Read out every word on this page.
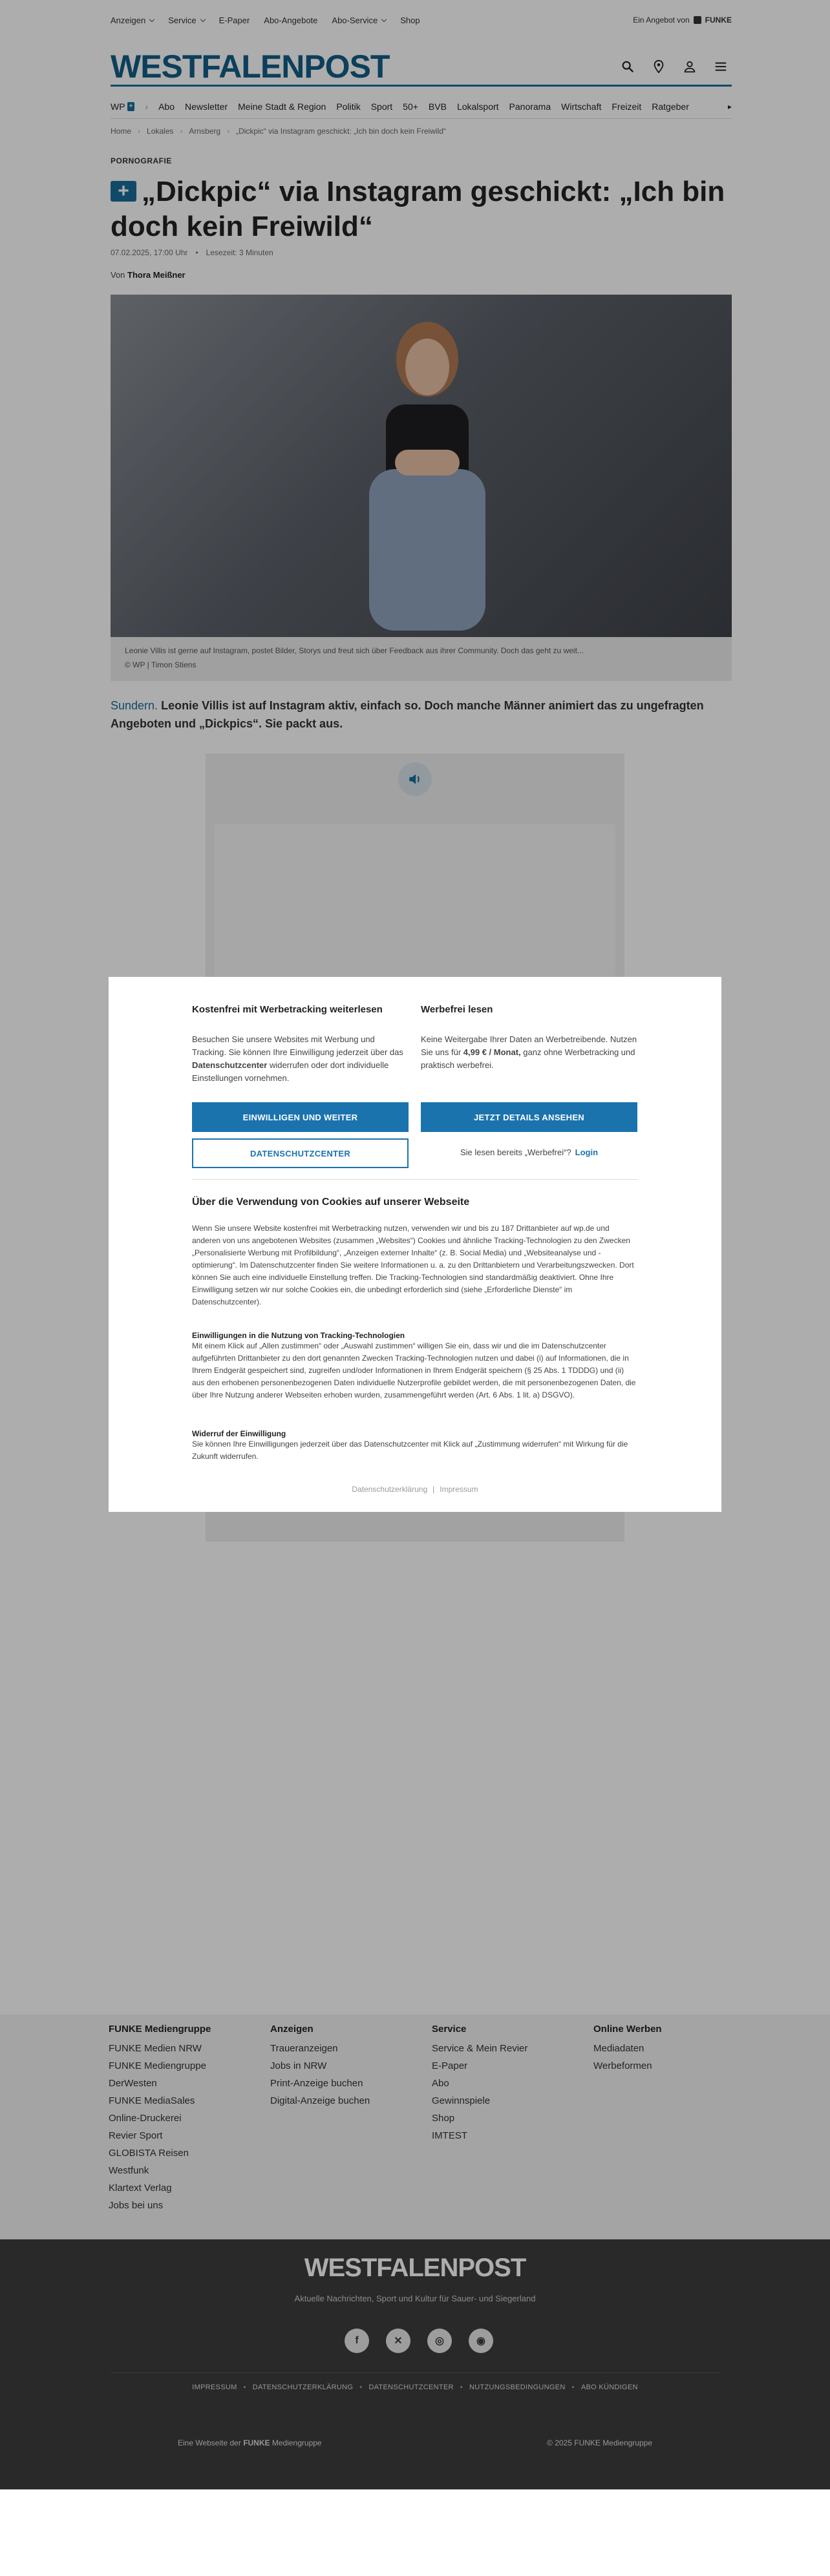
Anzeigen	Service	E-Paper Abo-Angebote Abo-Service	Shop	Ein Angebot von FUNKE
WESTFALENPOST
WP + › Abo Newsletter Meine Stadt & Region Politik Sport 50+ BVB Lokalsport Panorama Wirtschaft Freizeit Ratgeber	▸
Home › Lokales › Arnsberg › „Dickpic“ via Instagram geschickt: „Ich bin doch kein Freiwild“
PORNOGRAFIE
+ „Dickpic“ via Instagram geschickt: „Ich bin doch kein Freiwild“
07.02.2025, 17:00 Uhr • Lesezeit: 3 Minuten
Von Thora Meißner
Leonie Villis ist gerne auf Instagram, postet Bilder, Storys und freut sich über Feedback aus ihrer Community. Doch das geht zu weit...
© WP | Timon Stiens
Sundern. Leonie Villis ist auf Instagram aktiv, einfach so. Doch manche Männer animiert das zu ungefragten Angeboten und „Dickpics“. Sie packt aus.
FUNKE Mediengruppe
FUNKE Medien NRW
FUNKE Mediengruppe
DerWesten
FUNKE MediaSales
Online-Druckerei
Revier Sport
GLOBISTA Reisen
Westfunk
Klartext Verlag
Jobs bei uns
Anzeigen
Traueranzeigen
Jobs in NRW
Print-Anzeige buchen
Digital-Anzeige buchen
Service
Service & Mein Revier
E-Paper
Abo
Gewinnspiele
Shop
IMTEST
Online Werben
Mediadaten
Werbeformen
WESTFALENPOST
Aktuelle Nachrichten, Sport und Kultur für Sauer- und Siegerland
f	✕	◎	◉
IMPRESSUM • DATENSCHUTZERKLÄRUNG • DATENSCHUTZCENTER • NUTZUNGSBEDINGUNGEN • ABO KÜNDIGEN
Eine Webseite der FUNKE Mediengruppe	© 2025 FUNKE Mediengruppe
Kostenfrei mit Werbetracking weiterlesen

Besuchen Sie unsere Websites mit Werbung und Tracking. Sie können Ihre Einwilligung jederzeit über das Datenschutzcenter widerrufen oder dort individuelle Einstellungen vornehmen.

Werbefrei lesen

Keine Weitergabe Ihrer Daten an Werbetreibende. Nutzen Sie uns für 4,99 € / Monat, ganz ohne Werbetracking und praktisch werbefrei.

EINWILLIGEN UND WEITER	JETZT DETAILS ANSEHEN
DATENSCHUTZCENTER	Sie lesen bereits „Werbefrei“? Login
Über die Verwendung von Cookies auf unserer Webseite

Wenn Sie unsere Website kostenfrei mit Werbetracking nutzen, verwenden wir und bis zu 187 Drittanbieter auf wp.de und anderen von uns angebotenen Websites (zusammen „Websites“) Cookies und ähnliche Tracking-Technologien zu den Zwecken „Personalisierte Werbung mit Profilbildung“, „Anzeigen externer Inhalte“ (z. B. Social Media) und „Websiteanalyse und -optimierung“. Im Datenschutzcenter finden Sie weitere Informationen u. a. zu den Drittanbietern und Verarbeitungszwecken. Dort können Sie auch eine individuelle Einstellung treffen. Die Tracking-Technologien sind standardmäßig deaktiviert. Ohne Ihre Einwilligung setzen wir nur solche Cookies ein, die unbedingt erforderlich sind (siehe „Erforderliche Dienste“ im Datenschutzcenter).

Einwilligungen in die Nutzung von Tracking-Technologien

Mit einem Klick auf „Allen zustimmen“ oder „Auswahl zustimmen“ willigen Sie ein, dass wir und die im Datenschutzcenter aufgeführten Drittanbieter zu den dort genannten Zwecken Tracking-Technologien nutzen und dabei (i) auf Informationen, die in Ihrem Endgerät gespeichert sind, zugreifen und/oder Informationen in Ihrem Endgerät speichern (§ 25 Abs. 1 TDDDG) und (ii) aus den erhobenen personenbezogenen Daten individuelle Nutzerprofile gebildet werden, die mit personenbezogenen Daten, die über Ihre Nutzung anderer Webseiten erhoben wurden, zusammengeführt werden (Art. 6 Abs. 1 lit. a) DSGVO).

Widerruf der Einwilligung

Sie können Ihre Einwilligungen jederzeit über das Datenschutzcenter mit Klick auf „Zustimmung widerrufen“ mit Wirkung für die Zukunft widerrufen.

Datenschutzerklärung | Impressum
